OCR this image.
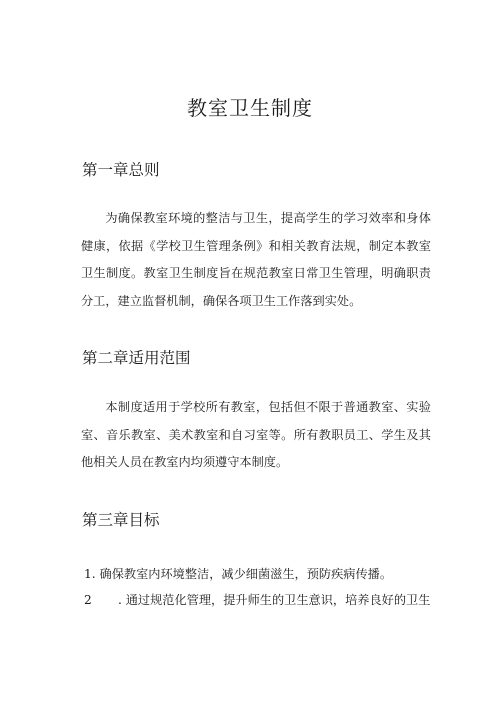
教室卫生制度
第一章总则

为确保教室环境的整洁与卫生，提高学生的学习效率和身体健康，依据《学校卫生管理条例》和相关教育法规，制定本教室卫生制度。教室卫生制度旨在规范教室日常卫生管理，明确职责分工，建立监督机制，确保各项卫生工作落到实处。

第二章适用范围

本制度适用于学校所有教室，包括但不限于普通教室、实验室、音乐教室、美术教室和自习室等。所有教职员工、学生及其他相关人员在教室内均须遵守本制度。

第三章目标
1. 确保教室内环境整洁，减少细菌滋生，预防疾病传播。
2 . 通过规范化管理，提升师生的卫生意识，培养良好的卫生
